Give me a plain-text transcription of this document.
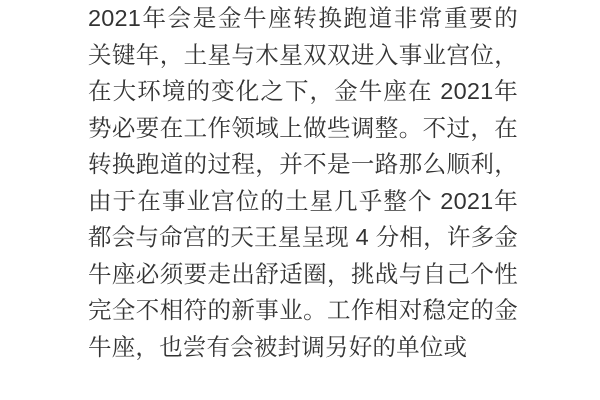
2021年会是金牛座转换跑道非常重要的关键年，土星与木星双双进入事业宫位，在大环境的变化之下，金牛座在 2021年势必要在工作领域上做些调整。不过，在转换跑道的过程，并不是一路那么顺利，由于在事业宫位的土星几乎整个 2021年都会与命宫的天王星呈现 4 分相，许多金牛座必须要走出舒适圈，挑战与自己个性完全不相符的新事业。工作相对稳定的金牛座，也尝有会被封调另好的单位或
